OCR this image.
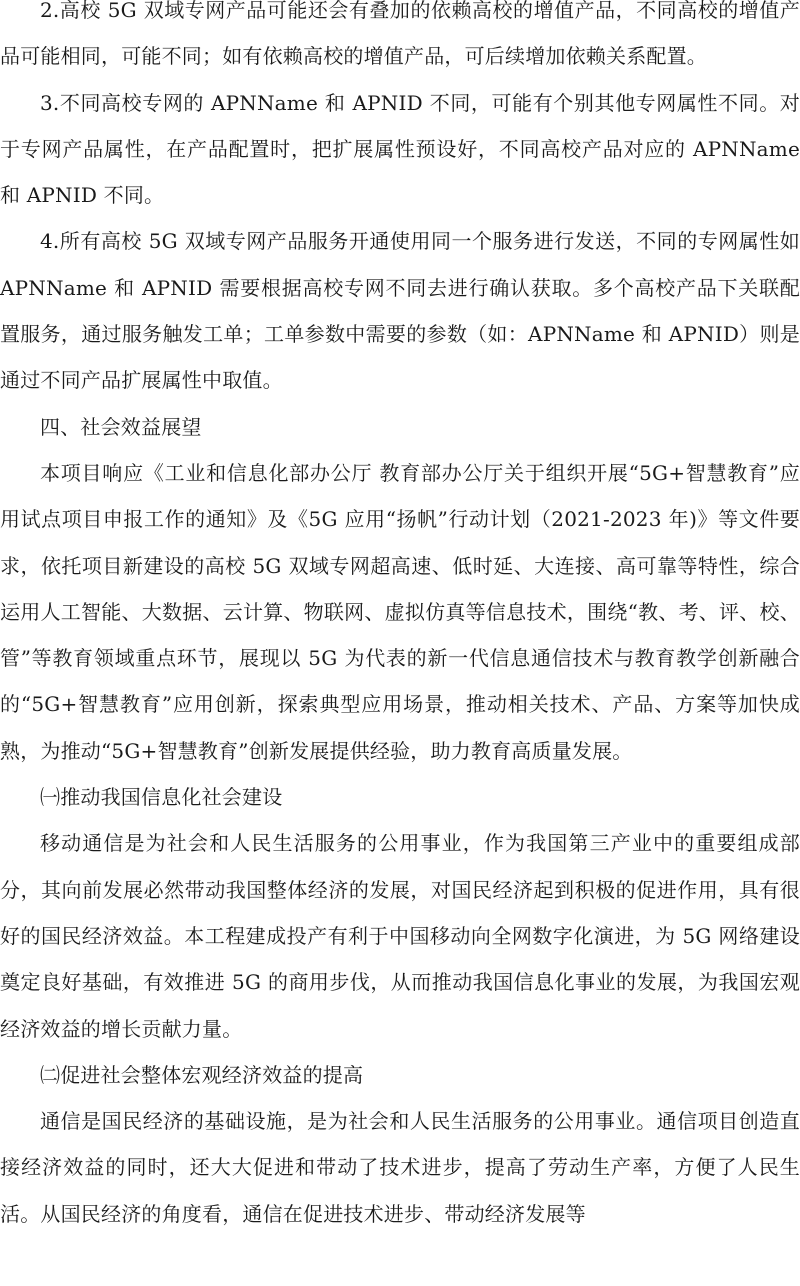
2.高校 5G 双域专网产品可能还会有叠加的依赖高校的增值产品，不同高校的增值产品可能相同，可能不同；如有依赖高校的增值产品，可后续增加依赖关系配置。

3.不同高校专网的 APNName 和 APNID 不同，可能有个别其他专网属性不同。对于专网产品属性，在产品配置时，把扩展属性预设好，不同高校产品对应的 APNName 和 APNID 不同。

4.所有高校 5G 双域专网产品服务开通使用同一个服务进行发送，不同的专网属性如 APNName 和 APNID 需要根据高校专网不同去进行确认获取。多个高校产品下关联配置服务，通过服务触发工单；工单参数中需要的参数（如：APNName 和 APNID）则是通过不同产品扩展属性中取值。

四、社会效益展望

本项目响应《工业和信息化部办公厅 教育部办公厅关于组织开展“5G+智慧教育”应用试点项目申报工作的通知》及《5G 应用“扬帆”行动计划（2021-2023 年)》等文件要求，依托项目新建设的高校 5G 双域专网超高速、低时延、大连接、高可靠等特性，综合运用人工智能、大数据、云计算、物联网、虚拟仿真等信息技术，围绕“教、考、评、校、管”等教育领域重点环节，展现以 5G 为代表的新一代信息通信技术与教育教学创新融合的“5G+智慧教育”应用创新，探索典型应用场景，推动相关技术、产品、方案等加快成熟，为推动“5G+智慧教育”创新发展提供经验，助力教育高质量发展。

㈠推动我国信息化社会建设

移动通信是为社会和人民生活服务的公用事业，作为我国第三产业中的重要组成部分，其向前发展必然带动我国整体经济的发展，对国民经济起到积极的促进作用，具有很好的国民经济效益。本工程建成投产有利于中国移动向全网数字化演进，为 5G 网络建设奠定良好基础，有效推进 5G 的商用步伐，从而推动我国信息化事业的发展，为我国宏观经济效益的增长贡献力量。

㈡促进社会整体宏观经济效益的提高

通信是国民经济的基础设施，是为社会和人民生活服务的公用事业。通信项目创造直接经济效益的同时，还大大促进和带动了技术进步，提高了劳动生产率，方便了人民生活。从国民经济的角度看，通信在促进技术进步、带动经济发展等
